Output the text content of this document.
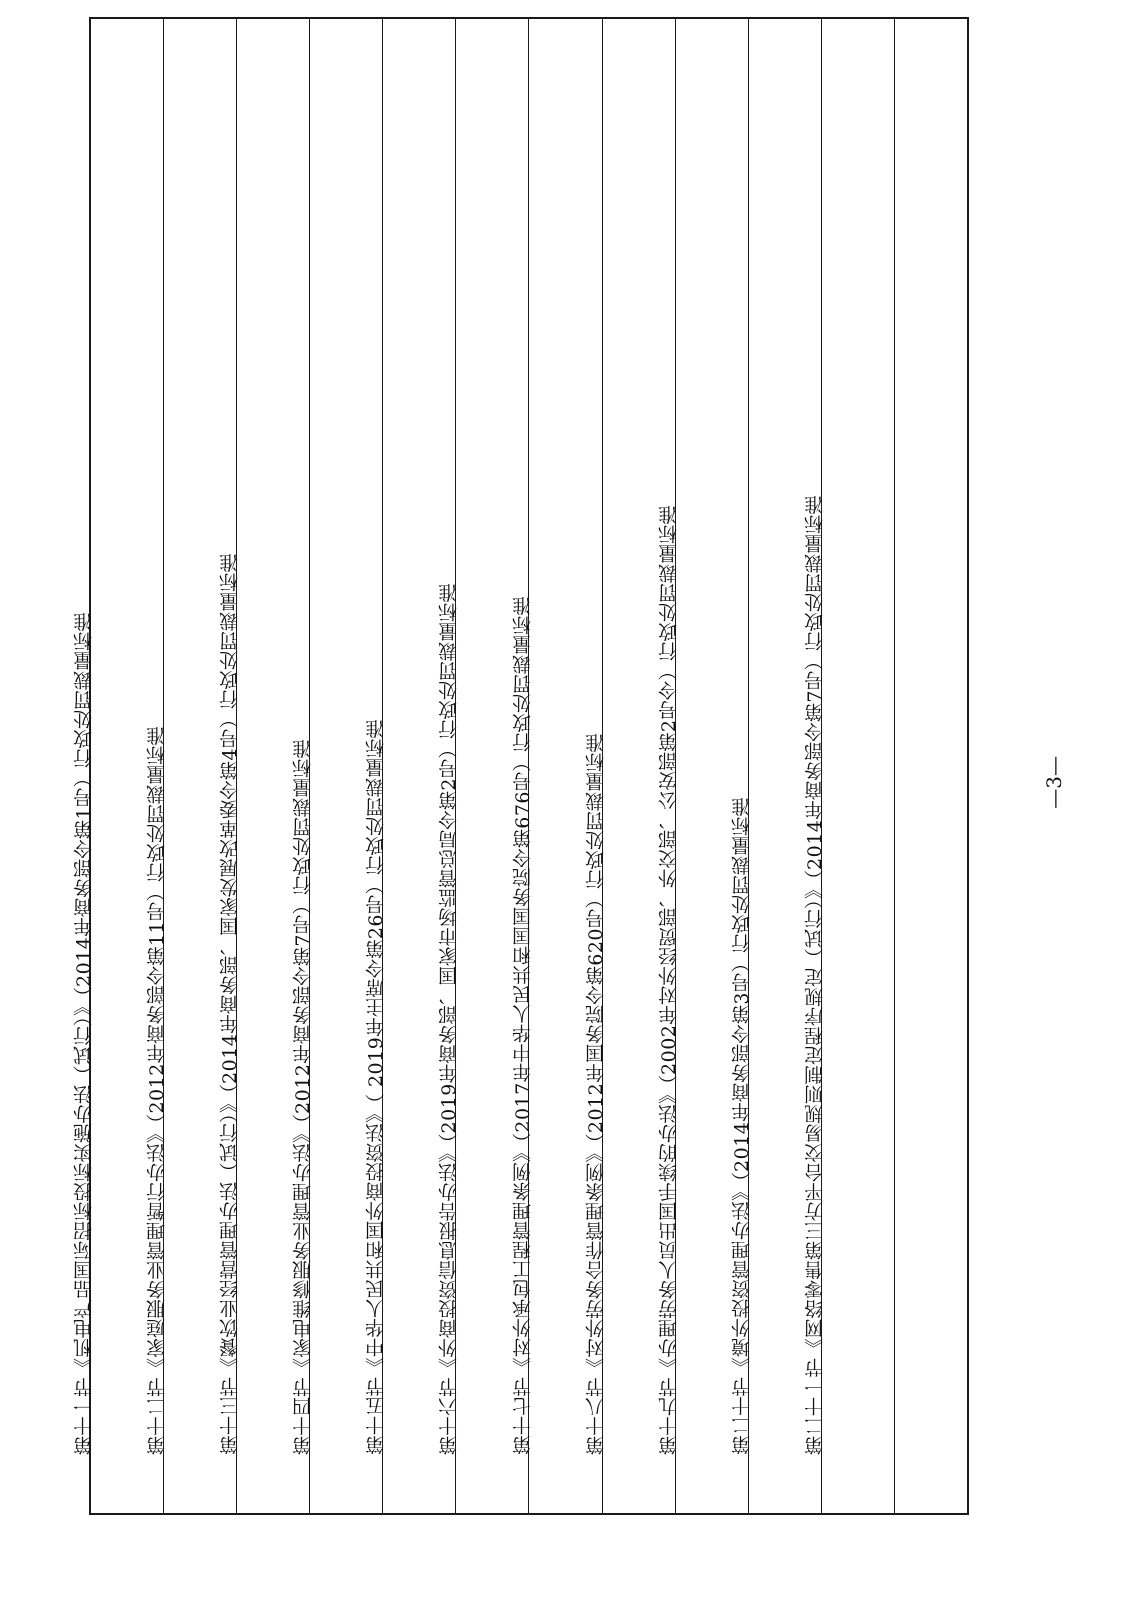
第十一节《机电产品国际招标投标实施办法（试行）》（2014年商务部令第1号）行政处罚裁量标准
第十二节《家庭服务业管理暂行办法》（2012年商务部令第11号）行政处罚裁量标准
第十三节《餐饮业经营管理办法（试行）》（2014年商务部、国家发展改革委令第4号）行政处罚裁量标准
第十四节《家电维修服务业管理办法》（2012年商务部令第7号）行政处罚裁量标准
第十五节《中华人民共和国外商投资法》（ 2019年主席令第26号）行政处罚裁量标准
第十六节《外商投资信息报告办法》（2019年商务部、国家市场监管总局令第2号）行政处罚裁量标准
第十七节《对外承包工程管理条例》（2017年中华人民共和国国务院令第676号）行政处罚裁量标准
第十八节《对外劳务合作管理条例》（2012年国务院令第620号）行政处罚裁量标准
第十九节《办理劳务人员出国手续的办法》（2002年对外经贸部、外交部、公安部第2号令）行政处罚裁量标准
第二十节《境外投资管理办法》（2014年商务部令第3号）行政处罚裁量标准
第二十一节《网络零售第三方平台交易规则制定程序规定（试行）》（2014年商务部令第7号）行政处罚裁量标准	—3—
